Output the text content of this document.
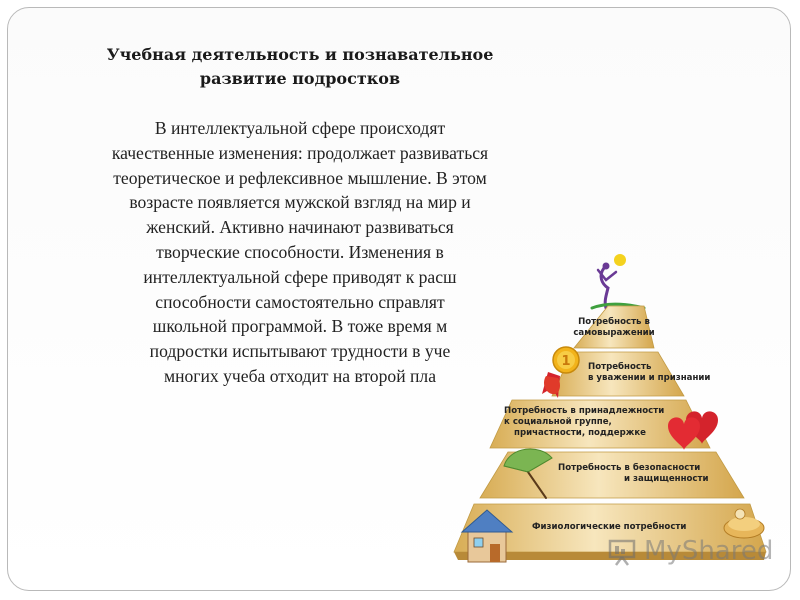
Учебная деятельность и познавательное
развитие подростков
В интеллектуальной сфере происходят
качественные изменения: продолжает развиваться
теоретическое и рефлексивное мышление. В этом
возрасте появляется мужской взгляд на мир и
женский. Активно начинают развиваться
творческие способности. Изменения в
интеллектуальной сфере приводят к расш
способности самостоятельно справлят
школьной программой. В тоже время м
подростки испытывают трудности в уче
многих учеба отходит на второй пла
Потребность в
самовыражении
Потребность
в уважении и признании
1
Потребность в принадлежности
к социальной группе,
причастности, поддержке
Потребность в безопасности
и защищенности
Физиологические потребности
MyShared
